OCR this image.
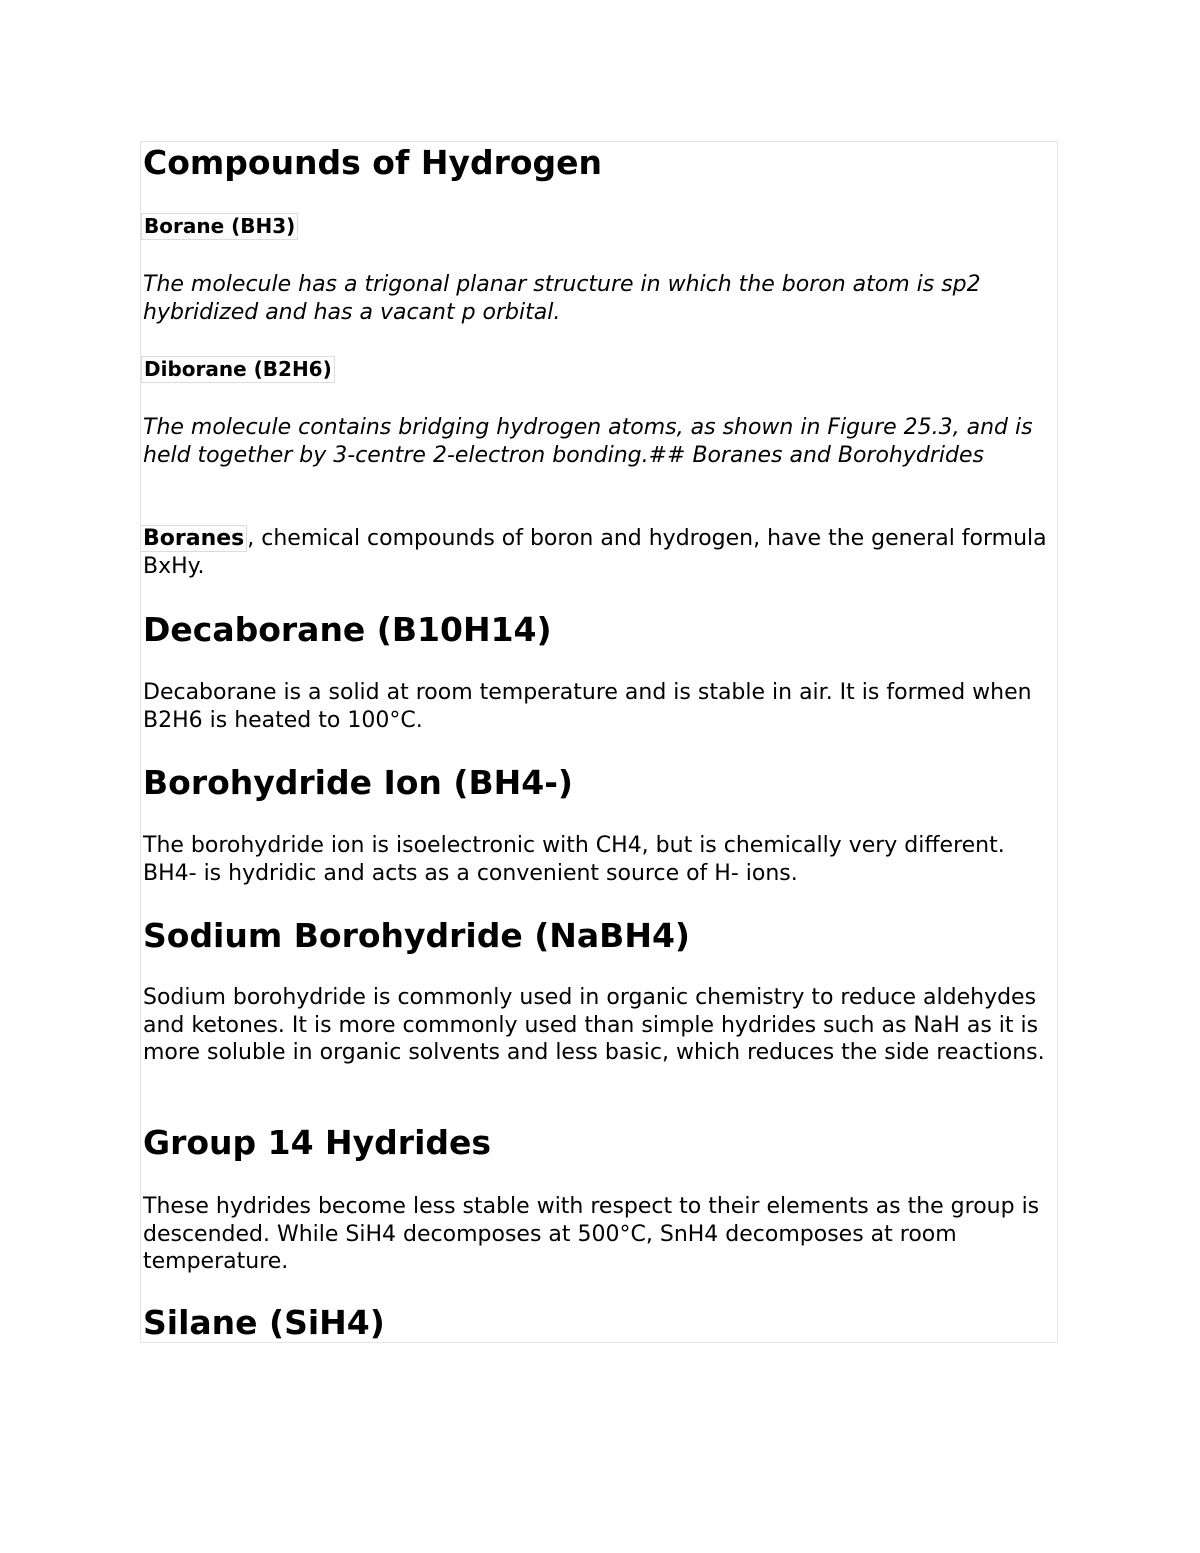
Compounds of Hydrogen
Borane (BH3)

The molecule has a trigonal planar structure in which the boron atom is sp2 hybridized and has a vacant p orbital.

Diborane (B2H6)

The molecule contains bridging hydrogen atoms, as shown in Figure 25.3, and is held together by 3-centre 2-electron bonding.## Boranes and Borohydrides

Boranes , chemical compounds of boron and hydrogen, have the general formula BxHy.

Decaborane (B10H14)

Decaborane is a solid at room temperature and is stable in air. It is formed when B2H6 is heated to 100°C.

Borohydride Ion (BH4-)

The borohydride ion is isoelectronic with CH4, but is chemically very different. BH4- is hydridic and acts as a convenient source of H- ions.

Sodium Borohydride (NaBH4)

Sodium borohydride is commonly used in organic chemistry to reduce aldehydes and ketones. It is more commonly used than simple hydrides such as NaH as it is more soluble in organic solvents and less basic, which reduces the side reactions.

Group 14 Hydrides

These hydrides become less stable with respect to their elements as the group is descended. While SiH4 decomposes at 500°C, SnH4 decomposes at room temperature.

Silane (SiH4)
